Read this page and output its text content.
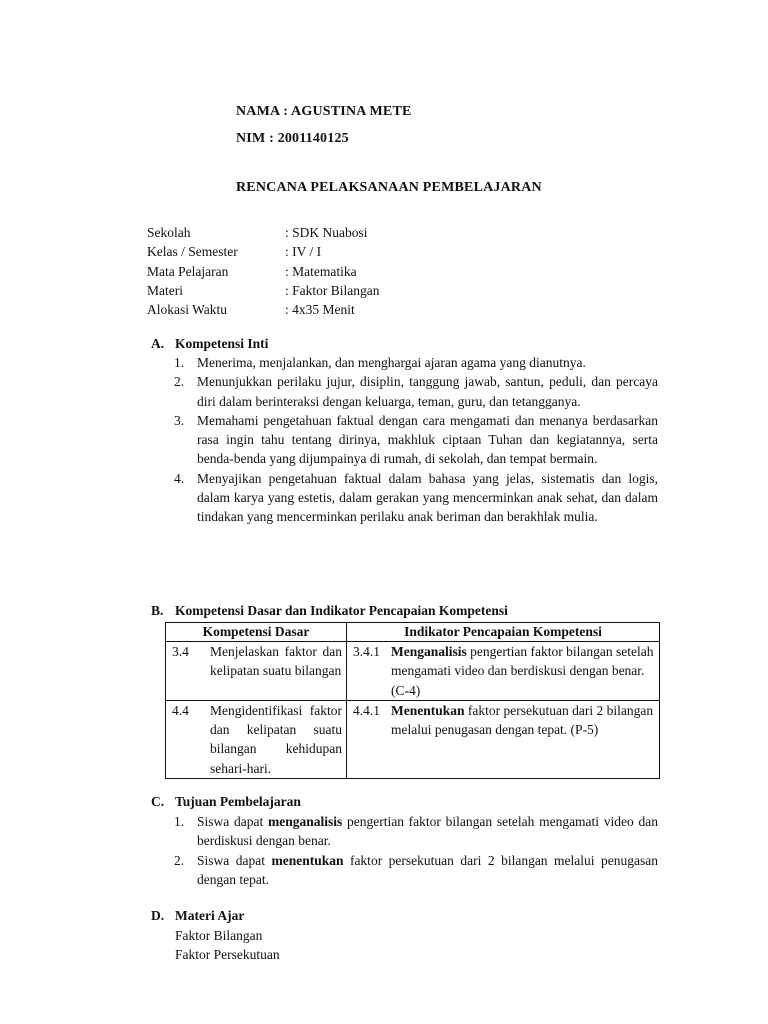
NAMA : AGUSTINA METE
NIM : 2001140125
RENCANA PELAKSANAAN PEMBELAJARAN
Sekolah	: SDK Nuabosi
Kelas / Semester	: IV / I
Mata Pelajaran	: Matematika
Materi	: Faktor Bilangan
Alokasi Waktu	: 4x35 Menit
A. Kompetensi Inti
1. Menerima, menjalankan, dan menghargai ajaran agama yang dianutnya.
2. Menunjukkan perilaku jujur, disiplin, tanggung jawab, santun, peduli, dan percaya diri dalam berinteraksi dengan keluarga, teman, guru, dan tetangganya.
3. Memahami pengetahuan faktual dengan cara mengamati dan menanya berdasarkan rasa ingin tahu tentang dirinya, makhluk ciptaan Tuhan dan kegiatannya, serta benda-benda yang dijumpainya di rumah, di sekolah, dan tempat bermain.
4. Menyajikan pengetahuan faktual dalam bahasa yang jelas, sistematis dan logis, dalam karya yang estetis, dalam gerakan yang mencerminkan anak sehat, dan dalam tindakan yang mencerminkan perilaku anak beriman dan berakhlak mulia.
B. Kompetensi Dasar dan Indikator Pencapaian Kompetensi
Kompetensi Dasar	Indikator Pencapaian Kompetensi

3.4 Menjelaskan faktor dan kelipatan suatu bilangan	3.4.1 Menganalisis pengertian faktor bilangan setelah mengamati video dan berdiskusi dengan benar. (C-4)

4.4 Mengidentifikasi faktor dan kelipatan suatu bilangan kehidupan sehari-hari.	4.4.1 Menentukan faktor persekutuan dari 2 bilangan melalui penugasan dengan tepat. (P-5)
C. Tujuan Pembelajaran
1. Siswa dapat menganalisis pengertian faktor bilangan setelah mengamati video dan berdiskusi dengan benar.
2. Siswa dapat menentukan faktor persekutuan dari 2 bilangan melalui penugasan dengan tepat.
D. Materi Ajar
Faktor Bilangan
Faktor Persekutuan
